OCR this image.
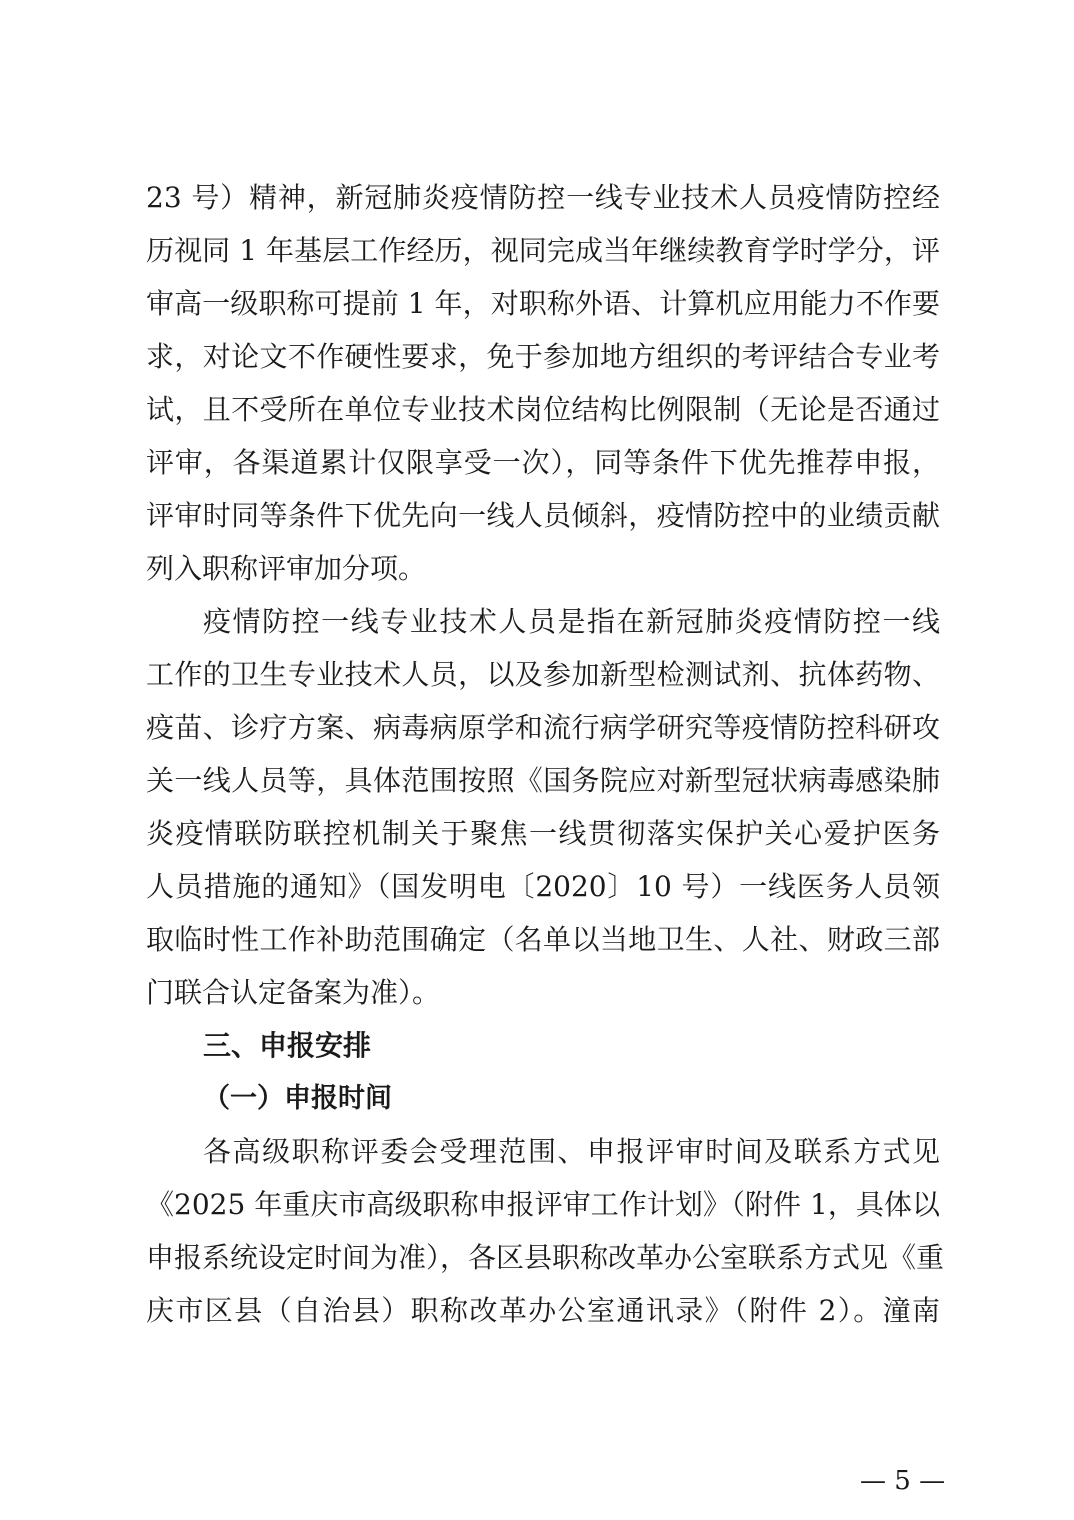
23 号）精神，新冠肺炎疫情防控一线专业技术人员疫情防控经
历视同 1 年基层工作经历，视同完成当年继续教育学时学分，评
审高一级职称可提前 1 年，对职称外语、计算机应用能力不作要
求，对论文不作硬性要求，免于参加地方组织的考评结合专业考
试，且不受所在单位专业技术岗位结构比例限制（无论是否通过
评审，各渠道累计仅限享受一次），同等条件下优先推荐申报，
评审时同等条件下优先向一线人员倾斜，疫情防控中的业绩贡献
列入职称评审加分项。
疫情防控一线专业技术人员是指在新冠肺炎疫情防控一线
工作的卫生专业技术人员，以及参加新型检测试剂、抗体药物、
疫苗、诊疗方案、病毒病原学和流行病学研究等疫情防控科研攻
关一线人员等，具体范围按照《国务院应对新型冠状病毒感染肺
炎疫情联防联控机制关于聚焦一线贯彻落实保护关心爱护医务
人员措施的通知》（国发明电〔2020〕10 号）一线医务人员领
取临时性工作补助范围确定（名单以当地卫生、人社、财政三部
门联合认定备案为准）。
三、申报安排
（一）申报时间
各高级职称评委会受理范围、申报评审时间及联系方式见
《2025 年重庆市高级职称申报评审工作计划》（附件 1，具体以
申报系统设定时间为准），各区县职称改革办公室联系方式见《重
— 5 —
庆市区县（自治县）职称改革办公室通讯录》（附件 2）。潼南
